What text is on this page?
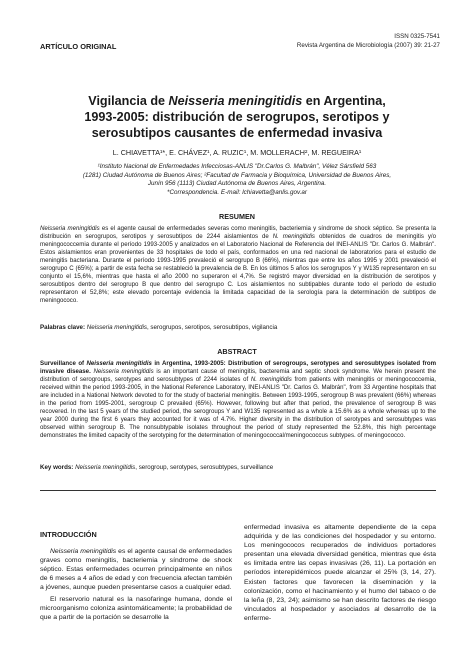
ISSN 0325-7541
Revista Argentina de Microbiología (2007) 39: 21-27
ARTÍCULO ORIGINAL
Vigilancia de Neisseria meningitidis en Argentina,
1993-2005: distribución de serogrupos, serotipos y
serosubtipos causantes de enfermedad invasiva
L. CHIAVETTA¹*, E. CHÁVEZ¹, A. RUZIC¹, M. MOLLERACH², M. REGUEIRA¹
¹Instituto Nacional de Enfermedades Infecciosas-ANLIS "Dr.Carlos G. Malbrán", Vélez Sársfield 563
(1281) Ciudad Autónoma de Buenos Aires; ²Facultad de Farmacia y Bioquímica, Universidad de Buenos Aires,
Junín 956 (1113) Ciudad Autónoma de Buenos Aires, Argentina.
*Correspondencia. E-mail: lchiavetta@anlis.gov.ar
RESUMEN
Neisseria meningitidis es el agente causal de enfermedades severas como meningitis, bacteriemia y síndrome de shock séptico. Se presenta la distribución en serogrupos, serotipos y serosubtipos de 2244 aislamientos de N. meningitidis obtenidos de cuadros de meningitis y/o meningococcemia durante el período 1993-2005 y analizados en el Laboratorio Nacional de Referencia del INEI-ANLIS "Dr. Carlos G. Malbrán". Estos aislamientos eran provenientes de 33 hospitales de todo el país, conformados en una red nacional de laboratorios para el estudio de meningitis bacteriana. Durante el período 1993-1995 prevaleció el serogrupo B (66%), mientras que entre los años 1995 y 2001 prevaleció el serogrupo C (65%); a partir de esta fecha se restableció la prevalencia de B. En los últimos 5 años los serogrupos Y y W135 representaron en su conjunto el 15,6%, mientras que hasta el año 2000 no superaron el 4,7%. Se registró mayor diversidad en la distribución de serotipos y serosubtipos dentro del serogrupo B que dentro del serogrupo C. Los aislamientos no subtipables durante todo el período de estudio representaron el 52,8%; este elevado porcentaje evidencia la limitada capacidad de la serología para la determinación de subtipos de meningococo.
Palabras clave: Neisseria meningitidis, serogrupos, serotipos, serosubtipos, vigilancia
ABSTRACT
Surveillance of Neisseria meningitidis in Argentina, 1993-2005: Distribution of serogroups, serotypes and serosubtypes isolated from invasive disease. Neisseria meningitidis is an important cause of meningitis, bacteremia and septic shock syndrome. We herein present the distribution of serogroups, serotypes and serosubtypes of 2244 isolates of N. meningitidis from patients with meningitis or meningococcemia, received within the period 1993-2005, in the National Reference Laboratory, INEI-ANLIS "Dr. Carlos G. Malbrán", from 33 Argentine hospitals that are included in a National Network devoted to for the study of bacterial meningitis. Between 1993-1995, serogroup B was prevalent (66%) whereas in the period from 1995-2001, serogroup C prevailed (65%). However, following but after that period, the prevalence of serogroup B was recovered. In the last 5 years of the studied period, the serogroups Y and W135 represented as a whole a 15.6% as a whole whereas up to the year 2000 during the first 6 years they accounted for it was of 4.7%. Higher diversity in the distribution of serotypes and serosubtypes was observed within serogroup B. The nonsubtypable isolates throughout the period of study represented the 52.8%, this high percentage demonstrates the limited capacity of the serotyping for the determination of meningococcal/meningococcus subtypes. of meningococco.
Key words: Neisseria meningitidis, serogroup, serotypes, serosubtypes, surveillance
INTRODUCCIÓN

Neisseria meningitidis es el agente causal de enfermedades graves como meningitis, bacteriemia y síndrome de shock séptico. Estas enfermedades ocurren principalmente en niños de 6 meses a 4 años de edad y con frecuencia afectan también a jóvenes, aunque pueden presentarse casos a cualquier edad.

El reservorio natural es la nasofaringe humana, donde el microorganismo coloniza asintomáticamente; la probabilidad de que a partir de la portación se desarrolle la

enfermedad invasiva es altamente dependiente de la cepa adquirida y de las condiciones del hospedador y su entorno. Los meningococos recuperados de individuos portadores presentan una elevada diversidad genética, mientras que ésta es limitada entre las cepas invasivas (26, 11). La portación en períodos interepidémicos puede alcanzar el 25% (3, 14, 27). Existen factores que favorecen la diseminación y la colonización, como el hacinamiento y el humo del tabaco o de la leña (8, 23, 24); asimismo se han descrito factores de riesgo vinculados al hospedador y asociados al desarrollo de la enferme-
